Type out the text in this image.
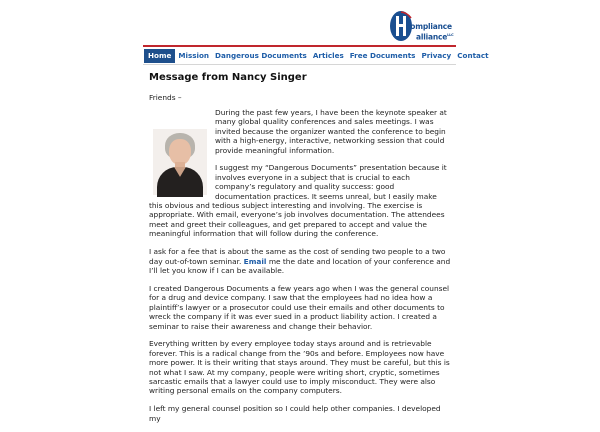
compliance
alliance$^{LLC}$
Home Mission Dangerous Documents Articles Free Documents Privacy Contact
Message from Nancy Singer

Friends –

During the past few years, I have been the keynote speaker at many global quality conferences and sales meetings. I was invited because the organizer wanted the conference to begin with a high-energy, interactive, networking session that could provide meaningful information.

I suggest my “Dangerous Documents” presentation because it involves everyone in a subject that is crucial to each company’s regulatory and quality success: good documentation practices. It seems unreal, but I easily make this obvious and tedious subject interesting and involving. The exercise is appropriate. With email, everyone’s job involves documentation. The attendees meet and greet their colleagues, and get prepared to accept and value the meaningful information that will follow during the conference.

I ask for a fee that is about the same as the cost of sending two people to a two day out-of-town seminar. Email me the date and location of your conference and I’ll let you know if I can be available.

I created Dangerous Documents a few years ago when I was the general counsel for a drug and device company. I saw that the employees had no idea how a plaintiff’s lawyer or a prosecutor could use their emails and other documents to wreck the company if it was ever sued in a product liability action. I created a seminar to raise their awareness and change their behavior.

Everything written by every employee today stays around and is retrievable forever. This is a radical change from the ’90s and before. Employees now have more power. It is their writing that stays around. They must be careful, but this is not what I saw. At my company, people were writing short, cryptic, sometimes sarcastic emails that a lawyer could use to imply misconduct. They were also writing personal emails on the company computers.

I left my general counsel position so I could help other companies. I developed my
